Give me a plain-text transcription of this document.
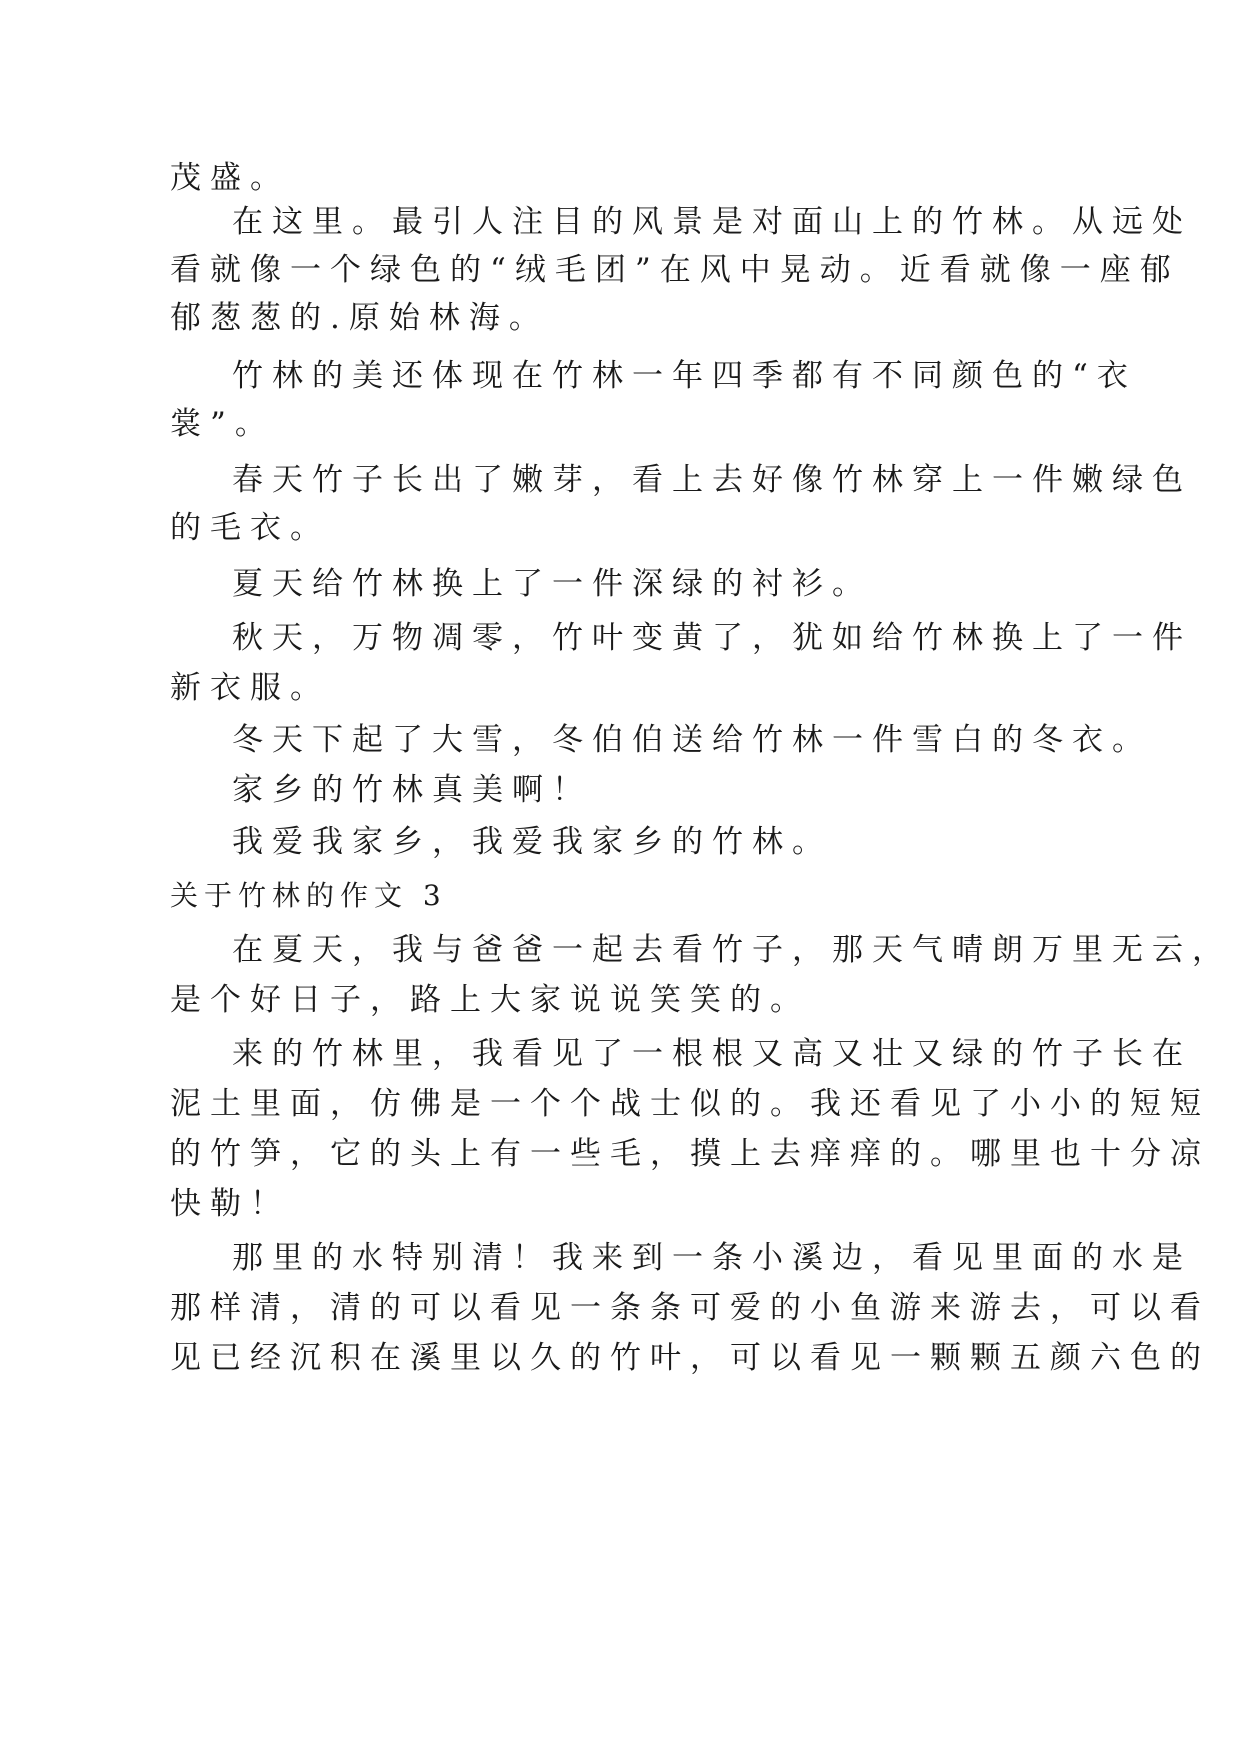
茂盛。
在这里。最引人注目的风景是对面山上的竹林。从远处
看就像一个绿色的“绒毛团”在风中晃动。近看就像一座郁
郁葱葱的.原始林海。
竹林的美还体现在竹林一年四季都有不同颜色的“衣
裳”。
春天竹子长出了嫩芽，看上去好像竹林穿上一件嫩绿色
的毛衣。
夏天给竹林换上了一件深绿的衬衫。
秋天，万物凋零，竹叶变黄了，犹如给竹林换上了一件
新衣服。
冬天下起了大雪，冬伯伯送给竹林一件雪白的冬衣。
家乡的竹林真美啊！
我爱我家乡，我爱我家乡的竹林。
关于竹林的作文 3
在夏天，我与爸爸一起去看竹子，那天气晴朗万里无云，
是个好日子，路上大家说说笑笑的。
来的竹林里，我看见了一根根又高又壮又绿的竹子长在
泥土里面，仿佛是一个个战士似的。我还看见了小小的短短
的竹笋，它的头上有一些毛，摸上去痒痒的。哪里也十分凉
快勒！
那里的水特别清！我来到一条小溪边，看见里面的水是
那样清，清的可以看见一条条可爱的小鱼游来游去，可以看
见已经沉积在溪里以久的竹叶，可以看见一颗颗五颜六色的
